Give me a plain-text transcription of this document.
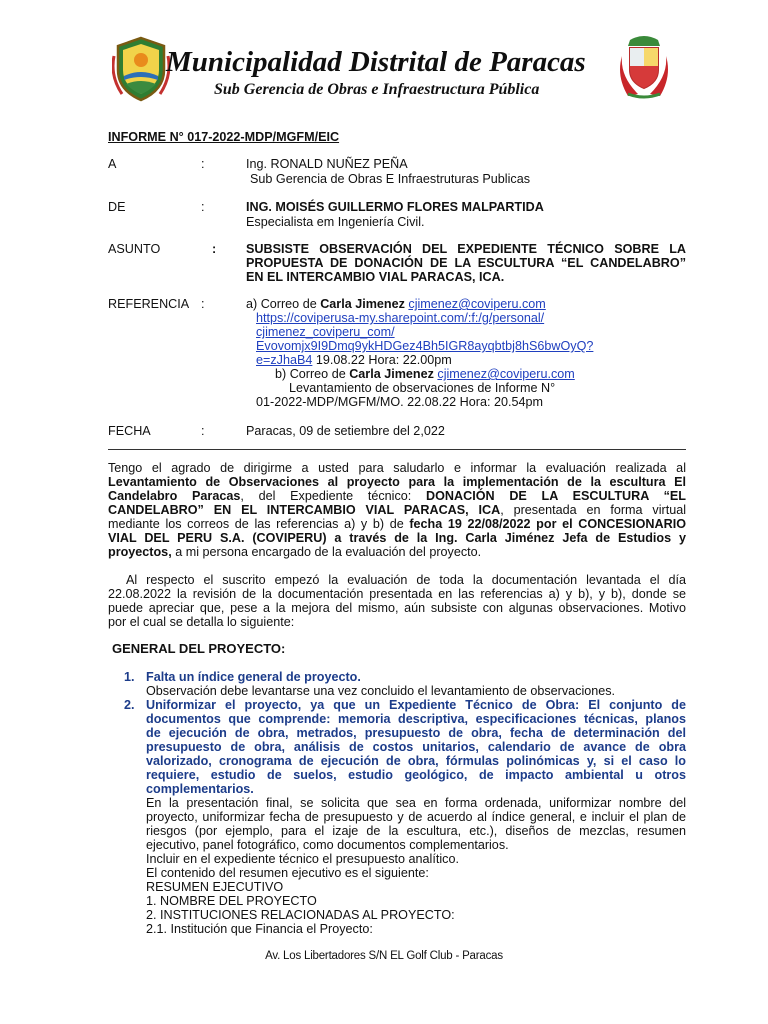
Municipalidad Distrital de Paracas
Sub Gerencia de Obras e Infraestructura Pública
INFORME N° 017-2022-MDP/MGFM/EIC
A	:	Ing. RONALD NUÑEZ PEÑA
Sub Gerencia de Obras E Infraestruturas Publicas
DE	:	ING. MOISÉS GUILLERMO FLORES MALPARTIDA
Especialista em Ingeniería Civil.
ASUNTO	: SUBSISTE OBSERVACIÓN DEL EXPEDIENTE TÉCNICO SOBRE LA
PROPUESTA DE DONACIÓN DE LA ESCULTURA “EL CANDELABRO”
EN EL INTERCAMBIO VIAL PARACAS, ICA.
REFERENCIA :	a) Correo de Carla Jimenez cjimenez@coviperu.com
https://coviperusa-my.sharepoint.com/:f:/g/personal/
cjimenez_coviperu_com/
Evovomjx9I9Dmq9ykHDGez4Bh5IGR8ayqbtbj8hS6bwOyQ?
e=zJhaB4 19.08.22 Hora: 22.00pm
b) Correo de Carla Jimenez cjimenez@coviperu.com
Levantamiento de observaciones de Informe N°
01-2022-MDP/MGFM/MO. 22.08.22 Hora: 20.54pm
FECHA	:	Paracas, 09 de setiembre del 2,022
Tengo el agrado de dirigirme a usted para saludarlo e informar la evaluación realizada al
Levantamiento de Observaciones al proyecto para la implementación de la escultura El
Candelabro Paracas, del Expediente técnico: DONACIÓN DE LA ESCULTURA “EL
CANDELABRO” EN EL INTERCAMBIO VIAL PARACAS, ICA, presentada en forma virtual
mediante los correos de las referencias a) y b) de fecha 19 22/08/2022 por el CONCESIONARIO
VIAL DEL PERU S.A. (COVIPERU) a través de la Ing. Carla Jiménez Jefa de Estudios y
proyectos, a mi persona encargado de la evaluación del proyecto.
Al respecto el suscrito empezó la evaluación de toda la documentación levantada el día
22.08.2022 la revisión de la documentación presentada en las referencias a) y b), y b), donde se
puede apreciar que, pese a la mejora del mismo, aún subsiste con algunas observaciones. Motivo
por el cual se detalla lo siguiente:
GENERAL DEL PROYECTO:
1. Falta un índice general de proyecto.
Observación debe levantarse una vez concluido el levantamiento de observaciones.
2. Uniformizar el proyecto, ya que un Expediente Técnico de Obra: El conjunto de
documentos que comprende: memoria descriptiva, especificaciones técnicas, planos
de ejecución de obra, metrados, presupuesto de obra, fecha de determinación del
presupuesto de obra, análisis de costos unitarios, calendario de avance de obra
valorizado, cronograma de ejecución de obra, fórmulas polinómicas y, si el caso lo
requiere, estudio de suelos, estudio geológico, de impacto ambiental u otros
complementarios.
En la presentación final, se solicita que sea en forma ordenada, uniformizar nombre del
proyecto, uniformizar fecha de presupuesto y de acuerdo al índice general, e incluir el plan de
riesgos (por ejemplo, para el izaje de la escultura, etc.), diseños de mezclas, resumen
ejecutivo, panel fotográfico, como documentos complementarios.
Incluir en el expediente técnico el presupuesto analítico.
El contenido del resumen ejecutivo es el siguiente:
RESUMEN EJECUTIVO
1. NOMBRE DEL PROYECTO
2. INSTITUCIONES RELACIONADAS AL PROYECTO:
2.1. Institución que Financia el Proyecto:
Av. Los Libertadores S/N EL Golf Club - Paracas
